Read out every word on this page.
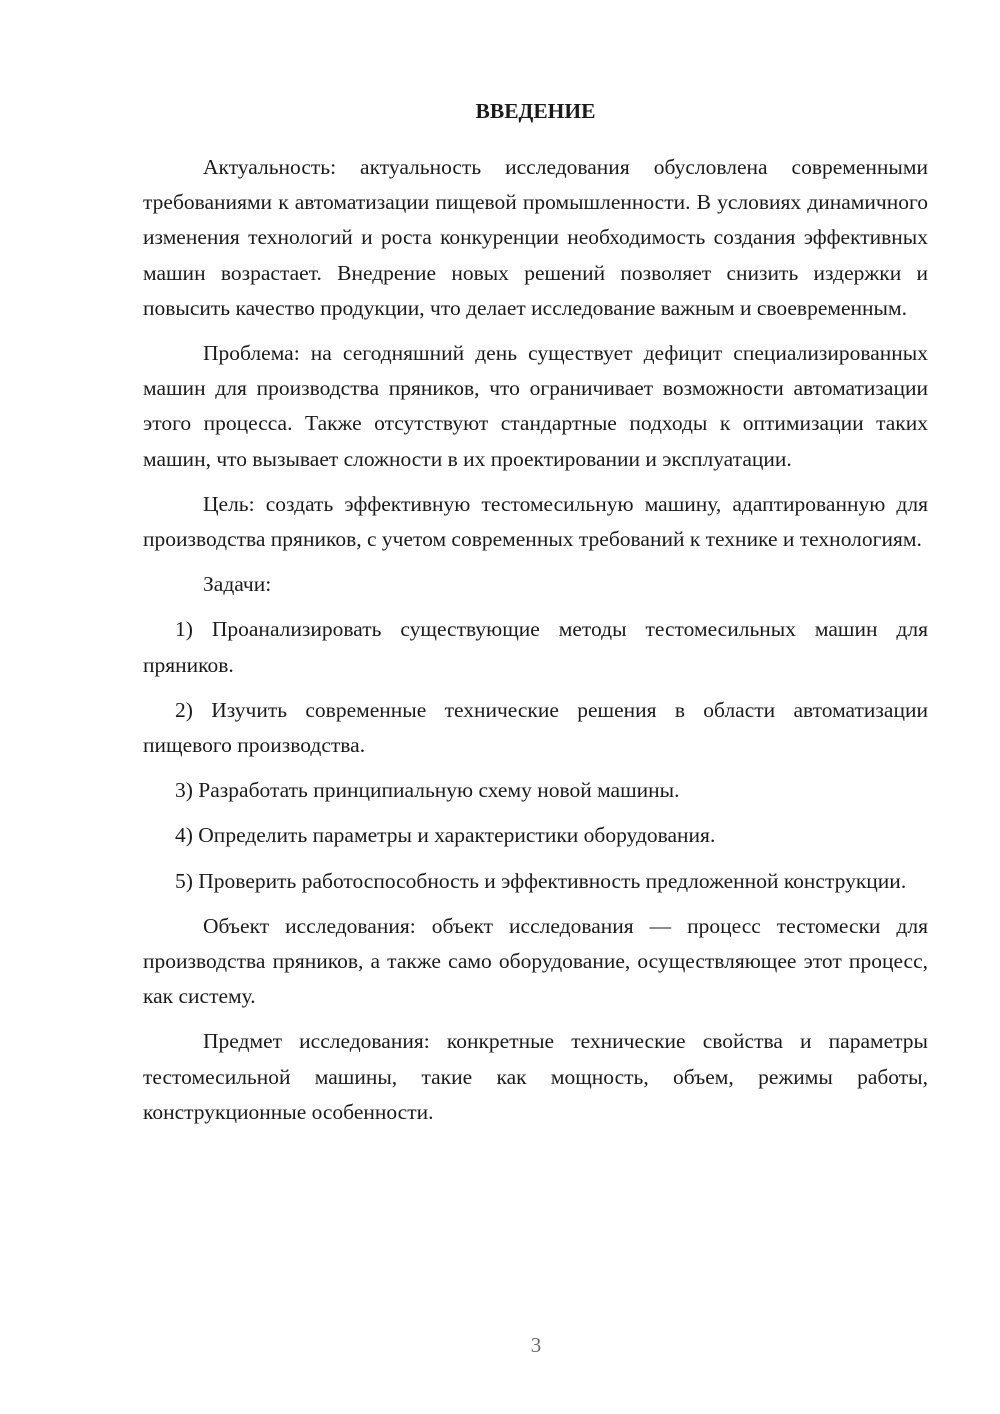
ВВЕДЕНИЕ

Актуальность: актуальность исследования обусловлена современными требованиями к автоматизации пищевой промышленности. В условиях динамичного изменения технологий и роста конкуренции необходимость создания эффективных машин возрастает. Внедрение новых решений позволяет снизить издержки и повысить качество продукции, что делает исследование важным и своевременным.

Проблема: на сегодняшний день существует дефицит специализированных машин для производства пряников, что ограничивает возможности автоматизации этого процесса. Также отсутствуют стандартные подходы к оптимизации таких машин, что вызывает сложности в их проектировании и эксплуатации.

Цель: создать эффективную тестомесильную машину, адаптированную для производства пряников, с учетом современных требований к технике и технологиям.

Задачи:

1) Проанализировать существующие методы тестомесильных машин для пряников.

2) Изучить современные технические решения в области автоматизации пищевого производства.

3) Разработать принципиальную схему новой машины.

4) Определить параметры и характеристики оборудования.

5) Проверить работоспособность и эффективность предложенной конструкции.

Объект исследования: объект исследования — процесс тестомески для производства пряников, а также само оборудование, осуществляющее этот процесс, как систему.

Предмет исследования: конкретные технические свойства и параметры тестомесильной машины, такие как мощность, объем, режимы работы, конструкционные особенности.

3
